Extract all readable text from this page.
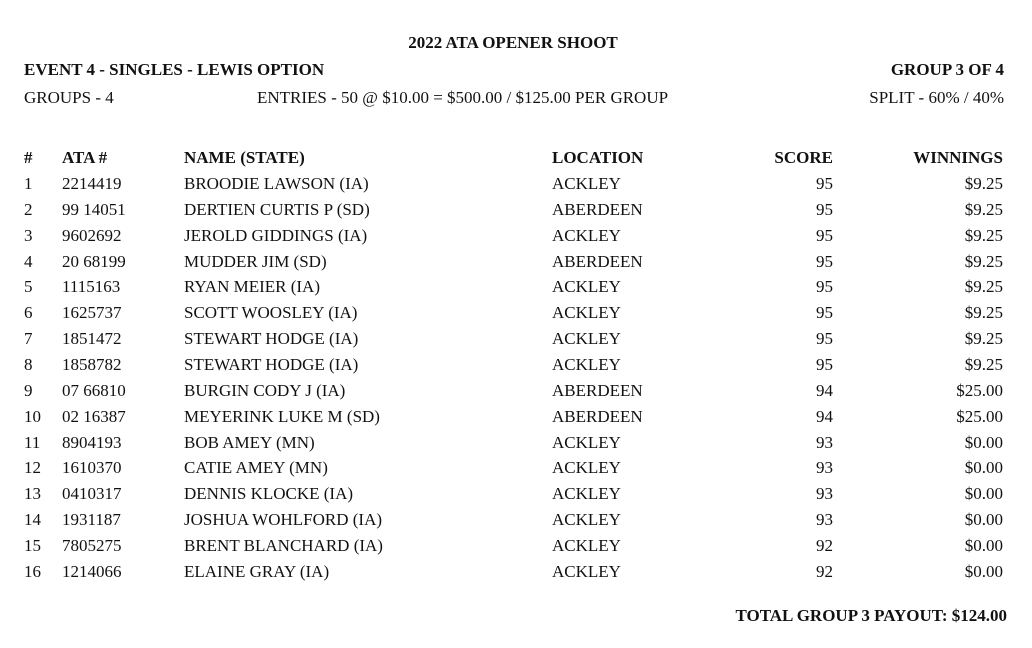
2022 ATA OPENER SHOOT
EVENT 4 - SINGLES - LEWIS OPTION	GROUP 3 OF 4
GROUPS - 4	ENTRIES - 50 @ $10.00 = $500.00 / $125.00 PER GROUP	SPLIT - 60% / 40%
# ATA #	NAME (STATE)	LOCATION	SCORE	WINNINGS
1 2214419	BROODIE LAWSON (IA)	ACKLEY	95	$9.25
2 99 14051	DERTIEN CURTIS P (SD)	ABERDEEN	95	$9.25
3 9602692	JEROLD GIDDINGS (IA)	ACKLEY	95	$9.25
4 20 68199	MUDDER JIM (SD)	ABERDEEN	95	$9.25
5 1115163	RYAN MEIER (IA)	ACKLEY	95	$9.25
6 1625737	SCOTT WOOSLEY (IA)	ACKLEY	95	$9.25
7 1851472	STEWART HODGE (IA)	ACKLEY	95	$9.25
8 1858782	STEWART HODGE (IA)	ACKLEY	95	$9.25
9 07 66810	BURGIN CODY J (IA)	ABERDEEN	94	$25.00
10 02 16387	MEYERINK LUKE M (SD)	ABERDEEN	94	$25.00
11 8904193	BOB AMEY (MN)	ACKLEY	93	$0.00
12 1610370	CATIE AMEY (MN)	ACKLEY	93	$0.00
13 0410317	DENNIS KLOCKE (IA)	ACKLEY	93	$0.00
14 1931187	JOSHUA WOHLFORD (IA)	ACKLEY	93	$0.00
15 7805275	BRENT BLANCHARD (IA)	ACKLEY	92	$0.00
16 1214066	ELAINE GRAY (IA)	ACKLEY	92	$0.00
TOTAL GROUP 3 PAYOUT: $124.00
